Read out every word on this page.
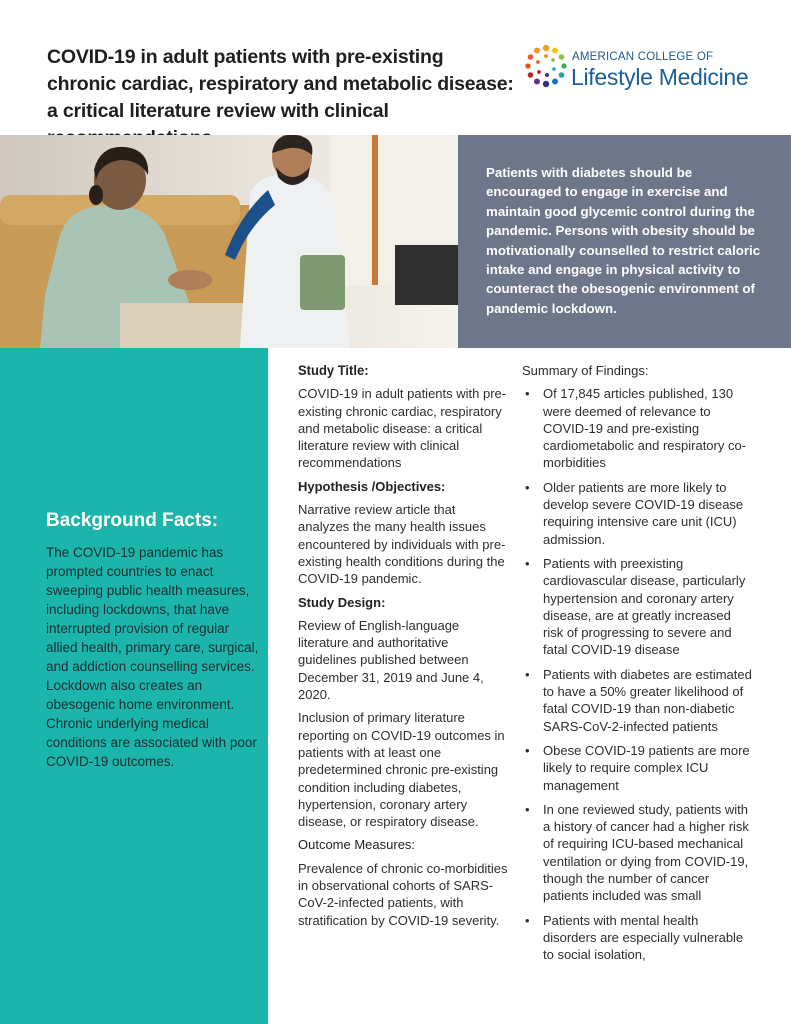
COVID-19 in adult patients with pre-existing chronic cardiac, respiratory and metabolic disease: a critical literature review with clinical
AMERICAN COLLEGE OF
Lifestyle Medicine

Patients with diabetes should be encouraged to engage in exercise and maintain good glycemic control during the pandemic. Persons with obesity should be motivationally counselled to restrict caloric intake and engage in physical activity to counteract the obesogenic environment of pandemic lockdown.

Background Facts:
The COVID-19 pandemic has prompted countries to enact sweeping public health measures, including lockdowns, that have interrupted provision of regular allied health, primary care, surgical, and addiction counselling services. Lockdown also creates an obesogenic home environment. Chronic underlying medical conditions are associated with poor COVID-19 outcomes.
Study Title:
COVID-19 in adult patients with pre-existing chronic cardiac, respiratory and metabolic disease: a critical literature review with clinical recommendations
Hypothesis /Objectives:
Narrative review article that analyzes the many health issues encountered by individuals with pre-existing health conditions during the COVID-19 pandemic.
Study Design:
Review of English-language literature and authoritative guidelines published between December 31, 2019 and June 4, 2020.
Inclusion of primary literature reporting on COVID-19 outcomes in patients with at least one predetermined chronic pre-existing condition including diabetes, hypertension, coronary artery disease, or respiratory disease.
Outcome Measures:
Prevalence of chronic co-morbidities in observational cohorts of SARS-CoV-2-infected patients, with stratification by COVID-19 severity.
Summary of Findings:
• Of 17,845 articles published, 130 were deemed of relevance to COVID-19 and pre-existing cardiometabolic and respiratory co-morbidities
• Older patients are more likely to develop severe COVID-19 disease requiring intensive care unit (ICU) admission.
• Patients with preexisting cardiovascular disease, particularly hypertension and coronary artery disease, are at greatly increased risk of progressing to severe and fatal COVID-19 disease
• Patients with diabetes are estimated to have a 50% greater likelihood of fatal COVID-19 than non-diabetic SARS-CoV-2-infected patients
• Obese COVID-19 patients are more likely to require complex ICU management
• In one reviewed study, patients with a history of cancer had a higher risk of requiring ICU-based mechanical ventilation or dying from COVID-19, though the number of cancer patients included was small
• Patients with mental health disorders are especially vulnerable to social isolation,
